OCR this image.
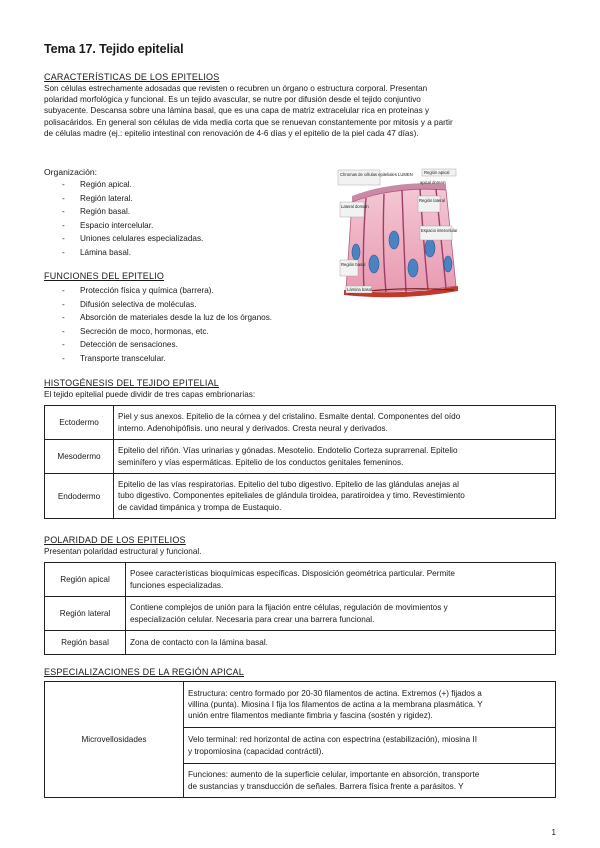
Tema 17. Tejido epitelial
CARACTERÍSTICAS DE LOS EPITELIOS
Son células estrechamente adosadas que revisten o recubren un órgano o estructura corporal. Presentan
polaridad morfológica y funcional. Es un tejido avascular, se nutre por difusión desde el tejido conjuntivo
subyacente. Descansa sobre una lámina basal, que es una capa de matriz extracelular rica en proteínas y
polisacáridos. En general son células de vida media corta que se renuevan constantemente por mitosis y a partir
de células madre (ej.: epitelio intestinal con renovación de 4-6 días y el epitelio de la piel cada 47 días).
Organización:
- Región apical.
- Región lateral.
- Región basal.
- Espacio intercelular.
- Uniones celulares especializadas.
- Lámina basal.
Chromas de células epiteliales LUMEN	Región apical
apical domain
Lateral domain
Región lateral
Espacio intercelular
Región basal
Lámina basal
FUNCIONES DEL EPITELIO
- Protección física y química (barrera).
- Difusión selectiva de moléculas.
- Absorción de materiales desde la luz de los órganos.
- Secreción de moco, hormonas, etc.
- Detección de sensaciones.
- Transporte transcelular.
HISTOGÉNESIS DEL TEJIDO EPITELIAL
El tejido epitelial puede dividir de tres capas embrionarias:
Ectodermo	Piel y sus anexos. Epitelio de la córnea y del cristalino. Esmalte dental. Componentes del oído
interno. Adenohipófisis. uno neural y derivados. Cresta neural y derivados.

Mesodermo	Epitelio del riñón. Vías urinarias y gónadas. Mesotelio. Endotelio Corteza suprarrenal. Epitelio
seminífero y vías espermáticas. Epitelio de los conductos genitales femeninos.

Endodermo	Epitelio de las vías respiratorias. Epitelio del tubo digestivo. Epitelio de las glándulas anejas al
tubo digestivo. Componentes epiteliales de glándula tiroidea, paratiroidea y timo. Revestimiento
de cavidad timpánica y trompa de Eustaquio.
POLARIDAD DE LOS EPITELIOS
Presentan polaridad estructural y funcional.
Región apical	Posee características bioquímicas específicas. Disposición geométrica particular. Permite
funciones especializadas.

Región lateral	Contiene complejos de unión para la fijación entre células, regulación de movimientos y
especialización celular. Necesaria para crear una barrera funcional.

Región basal	Zona de contacto con la lámina basal.
ESPECIALIZACIONES DE LA REGIÓN APICAL
Microvellosidades	
Estructura: centro formado por 20-30 filamentos de actina. Extremos (+) fijados a
villina (punta). Miosina I fija los filamentos de actina a la membrana plasmática. Y
unión entre filamentos mediante fimbria y fascina (sostén y rigidez).

Velo terminal: red horizontal de actina con espectrina (estabilización), miosina II
y tropomiosina (capacidad contráctil).

Funciones: aumento de la superficie celular, importante en absorción, transporte
de sustancias y transducción de señales. Barrera física frente a parásitos. Y
1
